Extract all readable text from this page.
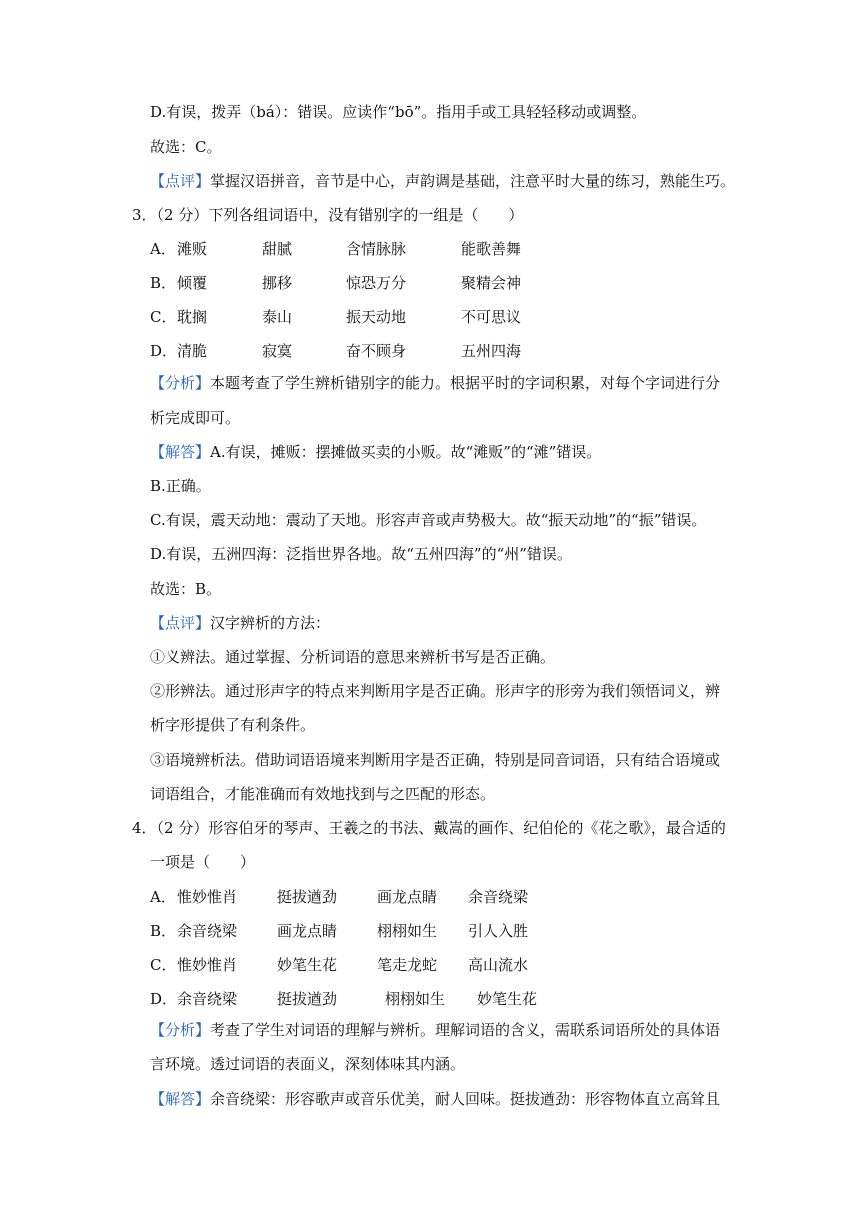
D.有误，拨弄（bá）：错误。应读作“bō”。指用手或工具轻轻移动或调整。
故选：C。
【点评】掌握汉语拼音，音节是中心，声韵调是基础，注意平时大量的练习，熟能生巧。
3．（2 分）下列各组词语中，没有错别字的一组是（　　）
【分析】本题考查了学生辨析错别字的能力。根据平时的字词积累，对每个字词进行分
析完成即可。
【解答】A.有误，摊贩：摆摊做买卖的小贩。故“滩贩”的“滩”错误。
B.正确。
C.有误，震天动地：震动了天地。形容声音或声势极大。故“振天动地”的“振”错误。
D.有误，五洲四海：泛指世界各地。故“五州四海”的“州”错误。
故选：B。
【点评】汉字辨析的方法：
①义辨法。通过掌握、分析词语的意思来辨析书写是否正确。
②形辨法。通过形声字的特点来判断用字是否正确。形声字的形旁为我们领悟词义，辨
析字形提供了有利条件。
③语境辨析法。借助词语语境来判断用字是否正确，特别是同音词语，只有结合语境或
词语组合，才能准确而有效地找到与之匹配的形态。
4．（2 分）形容伯牙的琴声、王羲之的书法、戴嵩的画作、纪伯伦的《花之歌》，最合适的
一项是（　　）
【分析】考查了学生对词语的理解与辨析。理解词语的含义，需联系词语所处的具体语
言环境。透过词语的表面义，深刻体味其内涵。
【解答】余音绕梁：形容歌声或音乐优美，耐人回味。挺拔遒劲：形容物体直立高耸且
A． 滩贩	甜腻	含情脉脉	能歌善舞
B． 倾覆	挪移	惊恐万分	聚精会神
C． 耽搁	泰山	振天动地	不可思议
D． 清脆	寂寞	奋不顾身	五州四海
A． 惟妙惟肖	挺拔遒劲	画龙点睛 余音绕梁
B． 余音绕梁	画龙点睛	栩栩如生 引人入胜
C． 惟妙惟肖	妙笔生花	笔走龙蛇 高山流水
D． 余音绕梁	挺拔遒劲	栩栩如生 妙笔生花
